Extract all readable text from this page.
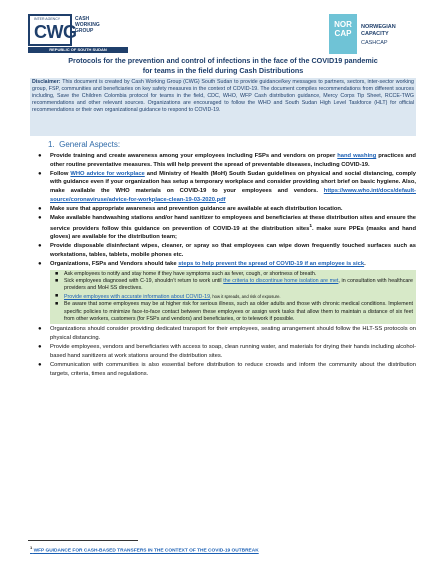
INTER AGENCY
CWG
CASH
WORKING
GROUP
REPUBLIC OF SOUTH SUDAN
NOR
CAP
NORWEGIAN
CAPACITY
CASHCAP
Protocols for the prevention and control of infections in the face of the COVID19 pandemic
for teams in the field during Cash Distributions
Disclaimer: This document is created by Cash Working Group (CWG) South Sudan to provide guidance/key messages to partners, sectors, inter-sector working group, FSP, communities and beneficiaries on key safety measures in the context of COVID-19. The document compiles recommendations from different sources including, Save the Children Colombia protocol for teams in the field, CDC, WHO, WFP Cash distribution guidance, Mercy Corps Tip Sheet, RCCE-TWG recommendations and other relevant sources. Organizations are encouraged to follow the WHO and South Sudan High Level Taskforce (HLT) for official recommendations or their own organizational guidance to respond to COVID-19.
1. General Aspects:
● Provide training and create awareness among your employees including FSPs and vendors on proper hand washing practices and other routine preventative measures. This will help prevent the spread of preventable diseases, including COVID-19.
● Follow WHO advice for workplace and Ministry of Health (MoH) South Sudan guidelines on physical and social distancing, comply with guidance even if your organization has setup a temporary workplace and consider providing short brief on basic hygiene. Also, make available the WHO materials on COVID-19 to your employees and vendors. https://www.who.int/docs/default-source/coronaviruse/advice-for-workplace-clean-19-03-2020.pdf
● Make sure that appropriate awareness and prevention guidance are available at each distribution location.
● Make available handwashing stations and/or hand sanitizer to employees and beneficiaries at these distribution sites and ensure the service providers follow this guidance on prevention of COVID-19 at the distribution sites$^1$. make sure PPEs (masks and hand gloves) are available for the distribution team;
● Provide disposable disinfectant wipes, cleaner, or spray so that employees can wipe down frequently touched surfaces such as workstations, tables, tablets, mobile phones etc.
● Organizations, FSPs and Vendors should take steps to help prevent the spread of COVID-19 if an employee is sick.
■ Ask employees to notify and stay home if they have symptoms such as fever, cough, or shortness of breath.
■ Sick employees diagnosed with C-19, shouldn’t return to work until the criteria to discontinue home isolation are met, in consultation with healthcare providers and MoH SS directives.
■ Provide employees with accurate information about COVID-19, how it spreads, and risk of exposure.
■ Be aware that some employees may be at higher risk for serious illness, such as older adults and those with chronic medical conditions. Implement specific policies to minimize face-to-face contact between these employees or assign work tasks that allow them to maintain a distance of six feet from other workers, customers (for FSPs and vendors) and beneficiaries, or to telework if possible.
● Organizations should consider providing dedicated transport for their employees, seating arrangement should follow the HLT-SS protocols on physical distancing.
● Provide employees, vendors and beneficiaries with access to soap, clean running water, and materials for drying their hands including alcohol-based hand sanitizers at work stations around the distribution sites.
● Communication with communities is also essential before distribution to reduce crowds and inform the community about the distribution targets, criteria, times and regulations.
$^1$ WFP GUIDANCE FOR CASH-BASED TRANSFERS IN THE CONTEXT OF THE COVID-19 OUTBREAK
